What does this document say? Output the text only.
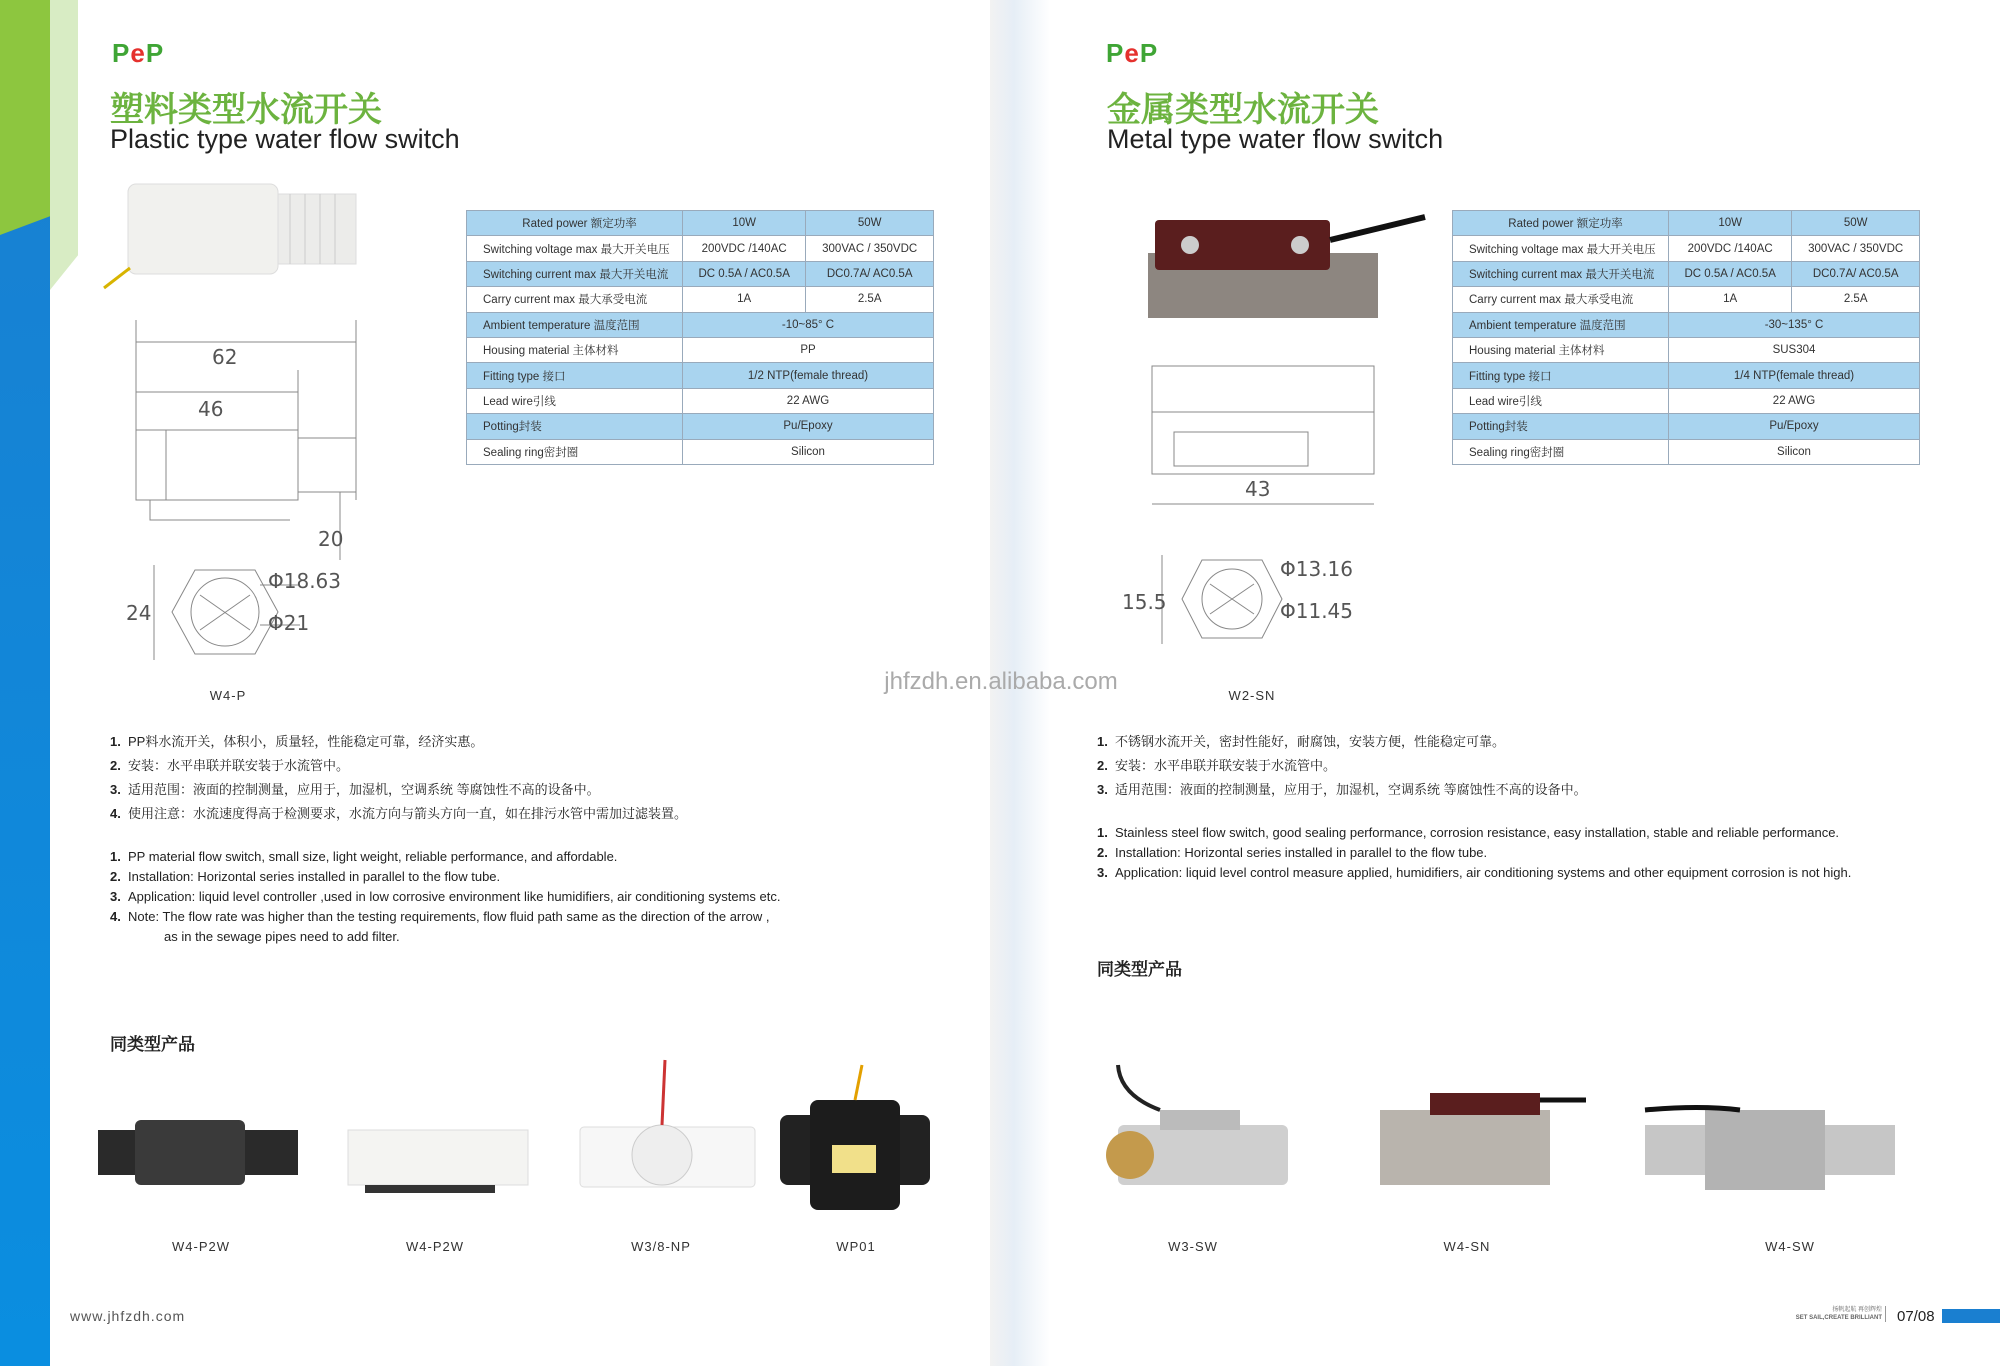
PeP
塑料类型水流开关
Plastic type water flow switch
62
46
20
24
Φ18.63
Φ21
W4-P
Rated power 额定功率	10W	50W
Switching voltage max 最大开关电压	200VDC /140AC	300VAC / 350VDC
Switching current max 最大开关电流	DC 0.5A / AC0.5A	DC0.7A/ AC0.5A
Carry current max 最大承受电流	1A	2.5A
Ambient temperature 温度范围	-10~85° C	
Housing material 主体材料	PP	
Fitting type 接口	1/2 NTP(female thread)	
Lead wire引线	22 AWG	
Potting封装	Pu/Epoxy	
Sealing ring密封圈	Silicon	
1. PP料水流开关，体积小，质量轻，性能稳定可靠，经济实惠。
2. 安装：水平串联并联安装于水流管中。
3. 适用范围：液面的控制测量，应用于，加湿机，空调系统 等腐蚀性不高的设备中。
4. 使用注意：水流速度得高于检测要求，水流方向与箭头方向一直，如在排污水管中需加过滤装置。
1. PP material flow switch, small size, light weight, reliable performance, and affordable.
2. Installation: Horizontal series installed in parallel to the flow tube.
3. Application: liquid level controller ,used in low corrosive environment like humidifiers, air conditioning systems etc.
4. Note: The flow rate was higher than the testing requirements, flow fluid path same as the direction of the arrow ,
as in the sewage pipes need to add filter.
同类型产品
W4-P2W	W4-P2W	W3/8-NP	WP01
www.jhfzdh.com
jhfzdh.en.alibaba.com
PeP
金属类型水流开关
Metal type water flow switch
43
15.5
Φ13.16
Φ11.45
W2-SN
Rated power 额定功率	10W	50W
Switching voltage max 最大开关电压	200VDC /140AC	300VAC / 350VDC
Switching current max 最大开关电流	DC 0.5A / AC0.5A	DC0.7A/ AC0.5A
Carry current max 最大承受电流	1A	2.5A
Ambient temperature 温度范围	-30~135° C	
Housing material 主体材料	SUS304	
Fitting type 接口	1/4 NTP(female thread)	
Lead wire引线	22 AWG	
Potting封装	Pu/Epoxy	
Sealing ring密封圈	Silicon	
1. 不锈钢水流开关，密封性能好，耐腐蚀，安装方便，性能稳定可靠。
2. 安装：水平串联并联安装于水流管中。
3. 适用范围：液面的控制测量，应用于，加湿机，空调系统 等腐蚀性不高的设备中。
1. Stainless steel flow switch, good sealing performance, corrosion resistance, easy installation, stable and reliable performance.
2. Installation: Horizontal series installed in parallel to the flow tube.
3. Application: liquid level control measure applied, humidifiers, air conditioning systems and other equipment corrosion is not high.
同类型产品
W3-SW	W4-SN	W4-SW
扬帆起航 再创辉煌
SET SAIL,CREATE BRILLIANT 07/08
